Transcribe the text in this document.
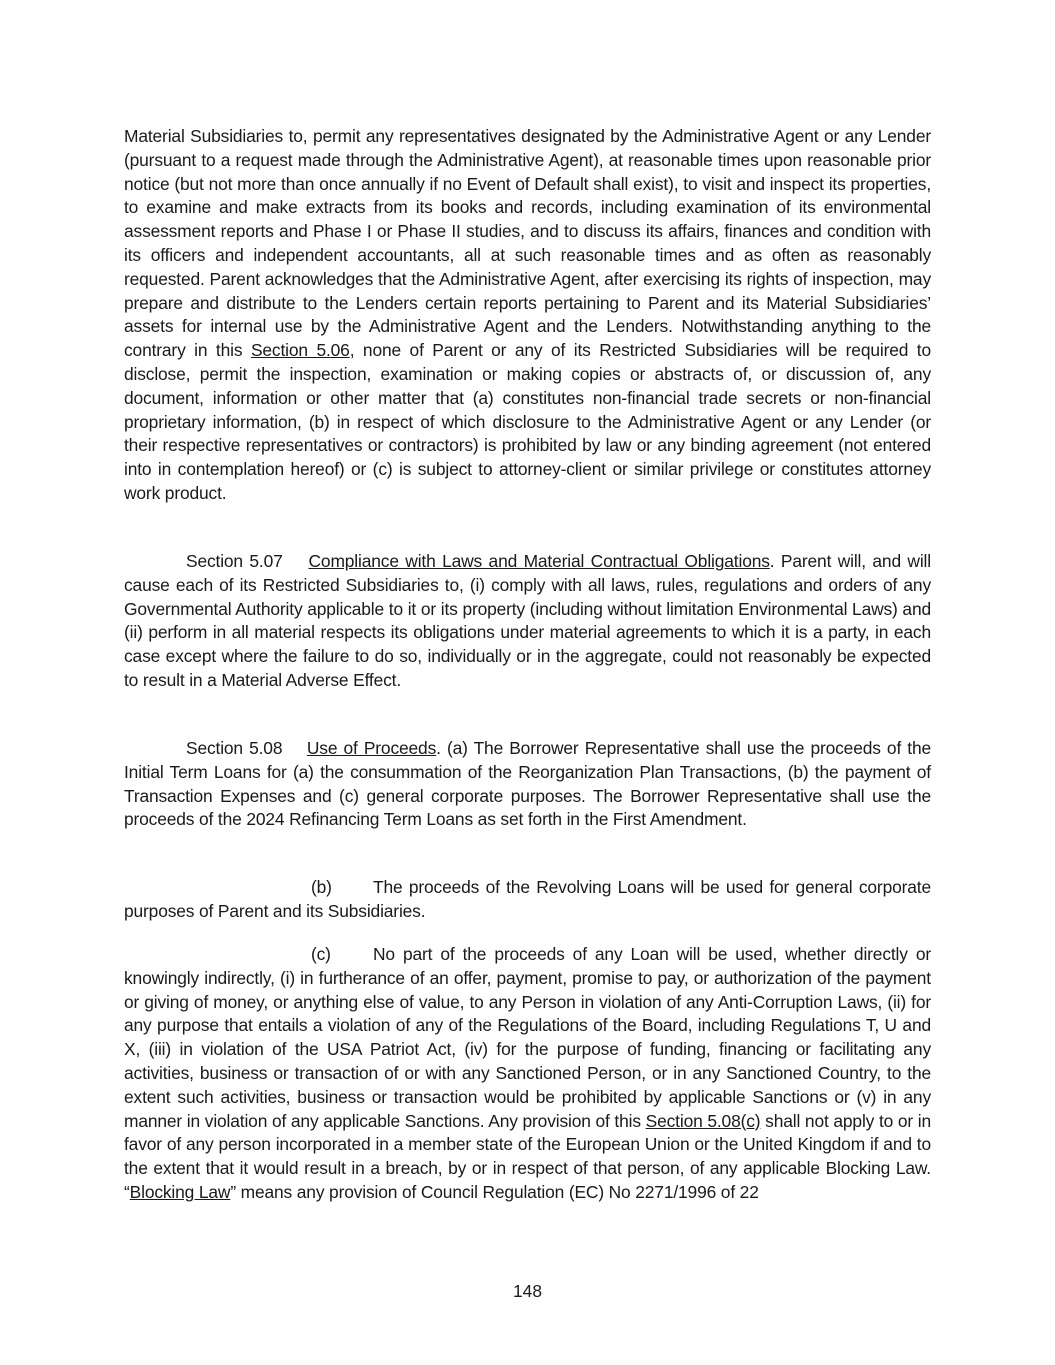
Material Subsidiaries to, permit any representatives designated by the Administrative Agent or any Lender (pursuant to a request made through the Administrative Agent), at reasonable times upon reasonable prior notice (but not more than once annually if no Event of Default shall exist), to visit and inspect its properties, to examine and make extracts from its books and records, including examination of its environmental assessment reports and Phase I or Phase II studies, and to discuss its affairs, finances and condition with its officers and independent accountants, all at such reasonable times and as often as reasonably requested. Parent acknowledges that the Administrative Agent, after exercising its rights of inspection, may prepare and distribute to the Lenders certain reports pertaining to Parent and its Material Subsidiaries’ assets for internal use by the Administrative Agent and the Lenders. Notwithstanding anything to the contrary in this Section 5.06, none of Parent or any of its Restricted Subsidiaries will be required to disclose, permit the inspection, examination or making copies or abstracts of, or discussion of, any document, information or other matter that (a) constitutes non-financial trade secrets or non-financial proprietary information, (b) in respect of which disclosure to the Administrative Agent or any Lender (or their respective representatives or contractors) is prohibited by law or any binding agreement (not entered into in contemplation hereof) or (c) is subject to attorney-client or similar privilege or constitutes attorney work product.

Section 5.07 Compliance with Laws and Material Contractual Obligations. Parent will, and will cause each of its Restricted Subsidiaries to, (i) comply with all laws, rules, regulations and orders of any Governmental Authority applicable to it or its property (including without limitation Environmental Laws) and (ii) perform in all material respects its obligations under material agreements to which it is a party, in each case except where the failure to do so, individually or in the aggregate, could not reasonably be expected to result in a Material Adverse Effect.

Section 5.08 Use of Proceeds. (a) The Borrower Representative shall use the proceeds of the Initial Term Loans for (a) the consummation of the Reorganization Plan Transactions, (b) the payment of Transaction Expenses and (c) general corporate purposes. The Borrower Representative shall use the proceeds of the 2024 Refinancing Term Loans as set forth in the First Amendment.

(b) The proceeds of the Revolving Loans will be used for general corporate purposes of Parent and its Subsidiaries.

(c) No part of the proceeds of any Loan will be used, whether directly or knowingly indirectly, (i) in furtherance of an offer, payment, promise to pay, or authorization of the payment or giving of money, or anything else of value, to any Person in violation of any Anti-Corruption Laws, (ii) for any purpose that entails a violation of any of the Regulations of the Board, including Regulations T, U and X, (iii) in violation of the USA Patriot Act, (iv) for the purpose of funding, financing or facilitating any activities, business or transaction of or with any Sanctioned Person, or in any Sanctioned Country, to the extent such activities, business or transaction would be prohibited by applicable Sanctions or (v) in any manner in violation of any applicable Sanctions. Any provision of this Section 5.08(c) shall not apply to or in favor of any person incorporated in a member state of the European Union or the United Kingdom if and to the extent that it would result in a breach, by or in respect of that person, of any applicable Blocking Law. “Blocking Law” means any provision of Council Regulation (EC) No 2271/1996 of 22

148
